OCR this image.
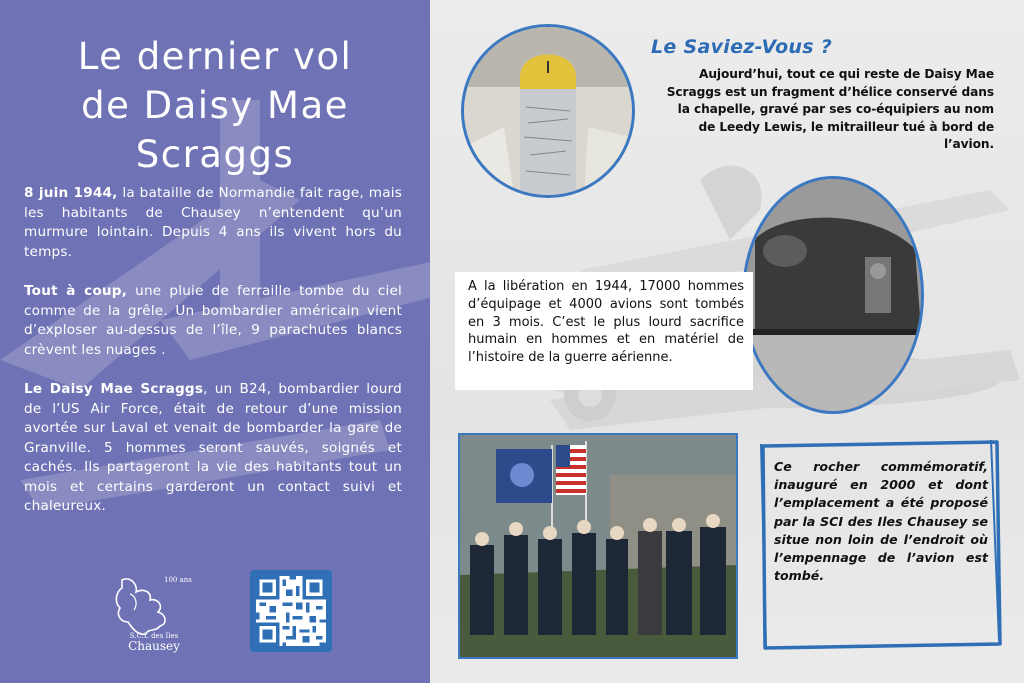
Le dernier vol
de Daisy Mae
Scraggs
8 juin 1944, la bataille de Normandie fait rage, mais les habitants de Chausey n’entendent qu’un murmure lointain. Depuis 4 ans ils vivent hors du temps.
Tout à coup, une pluie de ferraille tombe du ciel comme de la grêle. Un bombardier américain vient d’exploser au-dessus de l’île, 9 parachutes blancs crèvent les nuages .
Le Daisy Mae Scraggs, un B24, bombardier lourd de l’US Air Force, était de retour d’une mission avortée sur Laval et venait de bombarder la gare de Granville. 5 hommes seront sauvés, soignés et cachés. Ils partageront la vie des habitants tout un mois et certains garderont un contact suivi et chaleureux.
100 ans
S.C.I. des Iles
Chausey
Le Saviez-Vous ?
Aujourd’hui, tout ce qui reste de Daisy Mae Scraggs est un fragment d’hélice conservé dans la chapelle, gravé par ses co-équipiers au nom de Leedy Lewis, le mitrailleur tué à bord de l’avion.
A la libération en 1944, 17000 hommes d’équipage et 4000 avions sont tombés en 3 mois. C’est le plus lourd sacrifice humain en hommes et en matériel de l’histoire de la guerre aérienne.
Ce rocher commémoratif, inauguré en 2000 et dont l’emplacement a été proposé par la SCI des Iles Chausey se situe non loin de l’endroit où l’empennage de l’avion est tombé.
